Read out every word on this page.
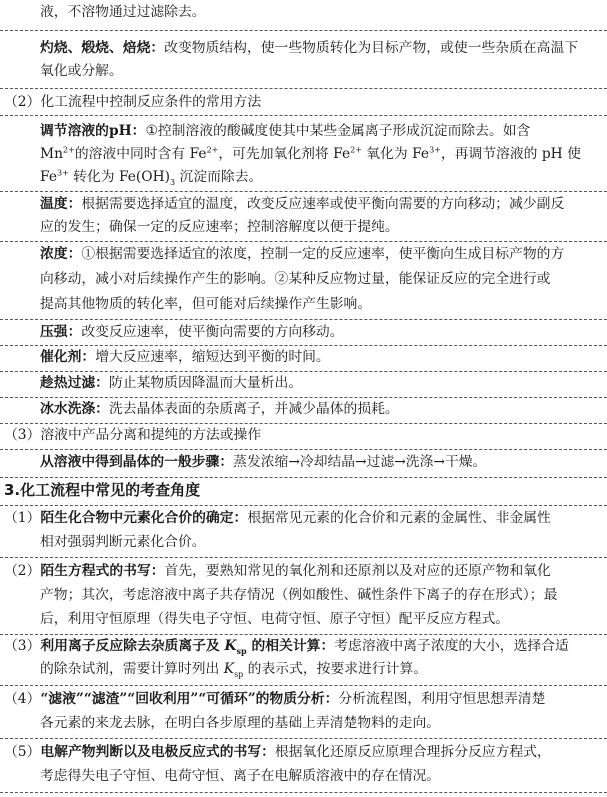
液，不溶物通过过滤除去。
灼烧、煅烧、焙烧：改变物质结构，使一些物质转化为目标产物，或使一些杂质在高温下
氧化或分解。
（2）化工流程中控制反应条件的常用方法
调节溶液的pH：①控制溶液的酸碱度使其中某些金属离子形成沉淀而除去。如含
$Mn^{2+}$的溶液中同时含有 $Fe^{2+}$，可先加氧化剂将 $Fe^{2+}$ 氧化为 $Fe^{3+}$，再调节溶液的 pH 使
$Fe^{3+}$ 转化为 $Fe(OH)_3$ 沉淀而除去。
温度：根据需要选择适宜的温度，改变反应速率或使平衡向需要的方向移动；减少副反
应的发生；确保一定的反应速率；控制溶解度以便于提纯。
浓度：①根据需要选择适宜的浓度，控制一定的反应速率，使平衡向生成目标产物的方
向移动，减小对后续操作产生的影响。②某种反应物过量，能保证反应的完全进行或
提高其他物质的转化率，但可能对后续操作产生影响。
压强：改变反应速率，使平衡向需要的方向移动。
催化剂：增大反应速率，缩短达到平衡的时间。
趁热过滤：防止某物质因降温而大量析出。
冰水洗涤：洗去晶体表面的杂质离子，并减少晶体的损耗。
（3）溶液中产品分离和提纯的方法或操作
从溶液中得到晶体的一般步骤：蒸发浓缩→冷却结晶→过滤→洗涤→干燥。
3.化工流程中常见的考查角度
（1）陌生化合物中元素化合价的确定：根据常见元素的化合价和元素的金属性、非金属性
相对强弱判断元素化合价。
（2）陌生方程式的书写：首先，要熟知常见的氧化剂和还原剂以及对应的还原产物和氧化
产物；其次，考虑溶液中离子共存情况（例如酸性、碱性条件下离子的存在形式）；最
后，利用守恒原理（得失电子守恒、电荷守恒、原子守恒）配平反应方程式。
（3）利用离子反应除去杂质离子及 $K_{sp}$ 的相关计算：考虑溶液中离子浓度的大小，选择合适
的除杂试剂，需要计算时列出 $K_{sp}$ 的表示式，按要求进行计算。
（4）“滤液”“滤渣”“回收利用”“可循环”的物质分析：分析流程图，利用守恒思想弄清楚
各元素的来龙去脉，在明白各步原理的基础上弄清楚物料的走向。
（5）电解产物判断以及电极反应式的书写：根据氧化还原反应原理合理拆分反应方程式，
考虑得失电子守恒、电荷守恒、离子在电解质溶液中的存在情况。
